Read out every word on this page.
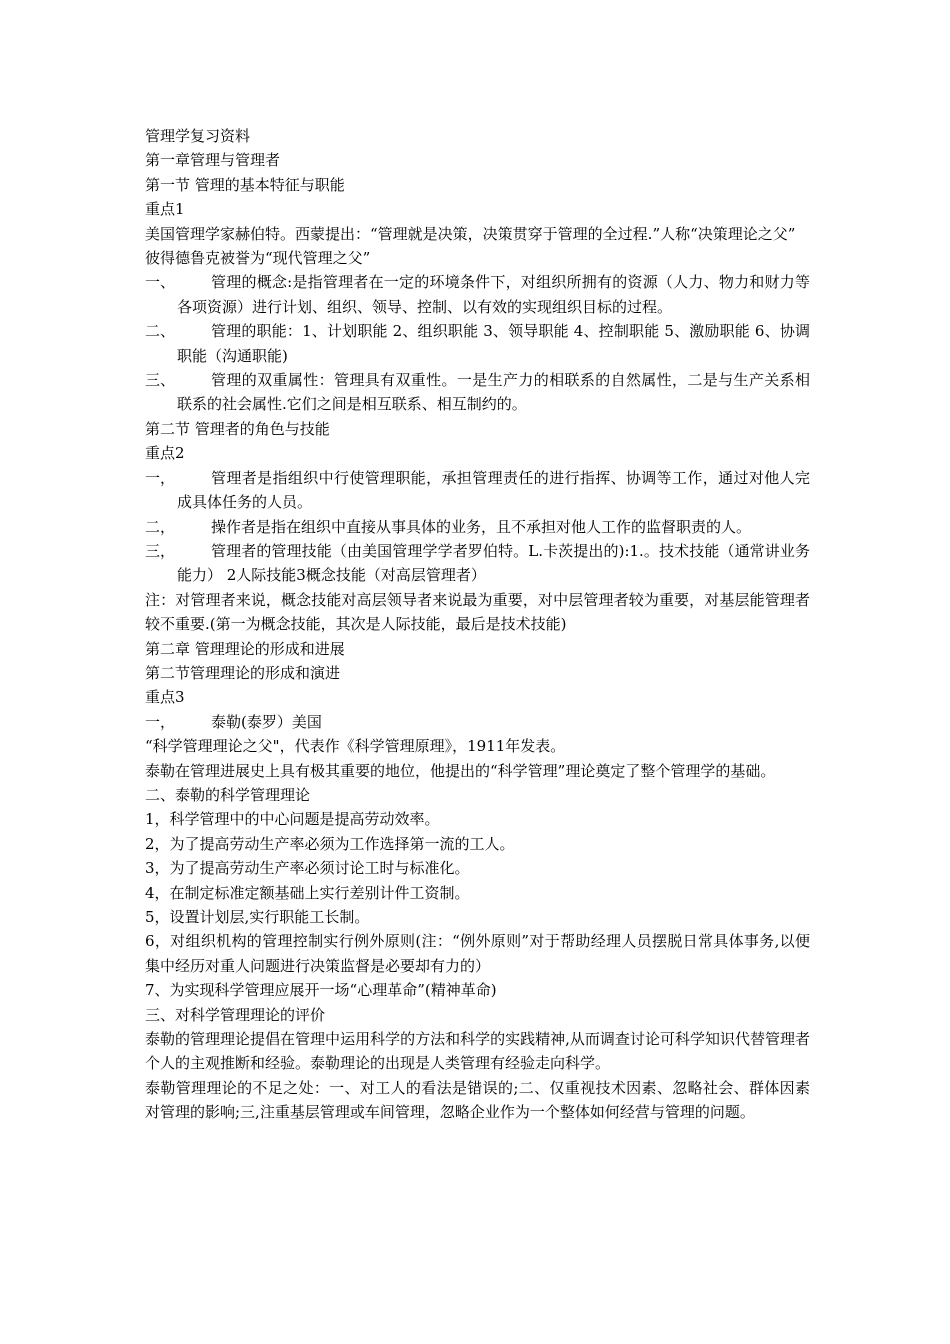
管理学复习资料

第一章管理与管理者

第一节 管理的基本特征与职能

重点1

美国管理学家赫伯特。西蒙提出：“管理就是决策，决策贯穿于管理的全过程.”人称“决策理论之父”

彼得德鲁克被誉为“现代管理之父”

一、	管理的概念:是指管理者在一定的环境条件下，对组织所拥有的资源（人力、物力和财力等各项资源）进行计划、组织、领导、控制、以有效的实现组织目标的过程。
二、	管理的职能：1、计划职能 2、组织职能 3、领导职能 4、控制职能 5、激励职能 6、协调职能（沟通职能)
三、	管理的双重属性：管理具有双重性。一是生产力的相联系的自然属性，二是与生产关系相联系的社会属性.它们之间是相互联系、相互制约的。

第二节 管理者的角色与技能

重点2

一，	管理者是指组织中行使管理职能，承担管理责任的进行指挥、协调等工作，通过对他人完成具体任务的人员。
二，	操作者是指在组织中直接从事具体的业务，且不承担对他人工作的监督职责的人。
三，	管理者的管理技能（由美国管理学学者罗伯特。L.卡茨提出的):1.。技术技能（通常讲业务能力） 2人际技能3概念技能（对高层管理者）

注：对管理者来说，概念技能对高层领导者来说最为重要，对中层管理者较为重要，对基层能管理者较不重要.(第一为概念技能，其次是人际技能，最后是技术技能)

第二章 管理理论的形成和进展

第二节管理理论的形成和演进

重点3

一，	泰勒(泰罗）美国

“科学管理理论之父"，代表作《科学管理原理》，1911年发表。

泰勒在管理进展史上具有极其重要的地位，他提出的“科学管理”理论奠定了整个管理学的基础。

二、泰勒的科学管理理论

1，科学管理中的中心问题是提高劳动效率。

2，为了提高劳动生产率必须为工作选择第一流的工人。

3，为了提高劳动生产率必须讨论工时与标准化。

4，在制定标准定额基础上实行差别计件工资制。

5，设置计划层,实行职能工长制。

6，对组织机构的管理控制实行例外原则(注：“例外原则”对于帮助经理人员摆脱日常具体事务,以便集中经历对重人问题进行决策监督是必要却有力的）

7、为实现科学管理应展开一场“心理革命”(精神革命)

三、对科学管理理论的评价

泰勒的管理理论提倡在管理中运用科学的方法和科学的实践精神,从而调查讨论可科学知识代替管理者个人的主观推断和经验。泰勒理论的出现是人类管理有经验走向科学。

泰勒管理理论的不足之处：一、对工人的看法是错误的;二、仅重视技术因素、忽略社会、群体因素对管理的影响;三,注重基层管理或车间管理，忽略企业作为一个整体如何经营与管理的问题。
